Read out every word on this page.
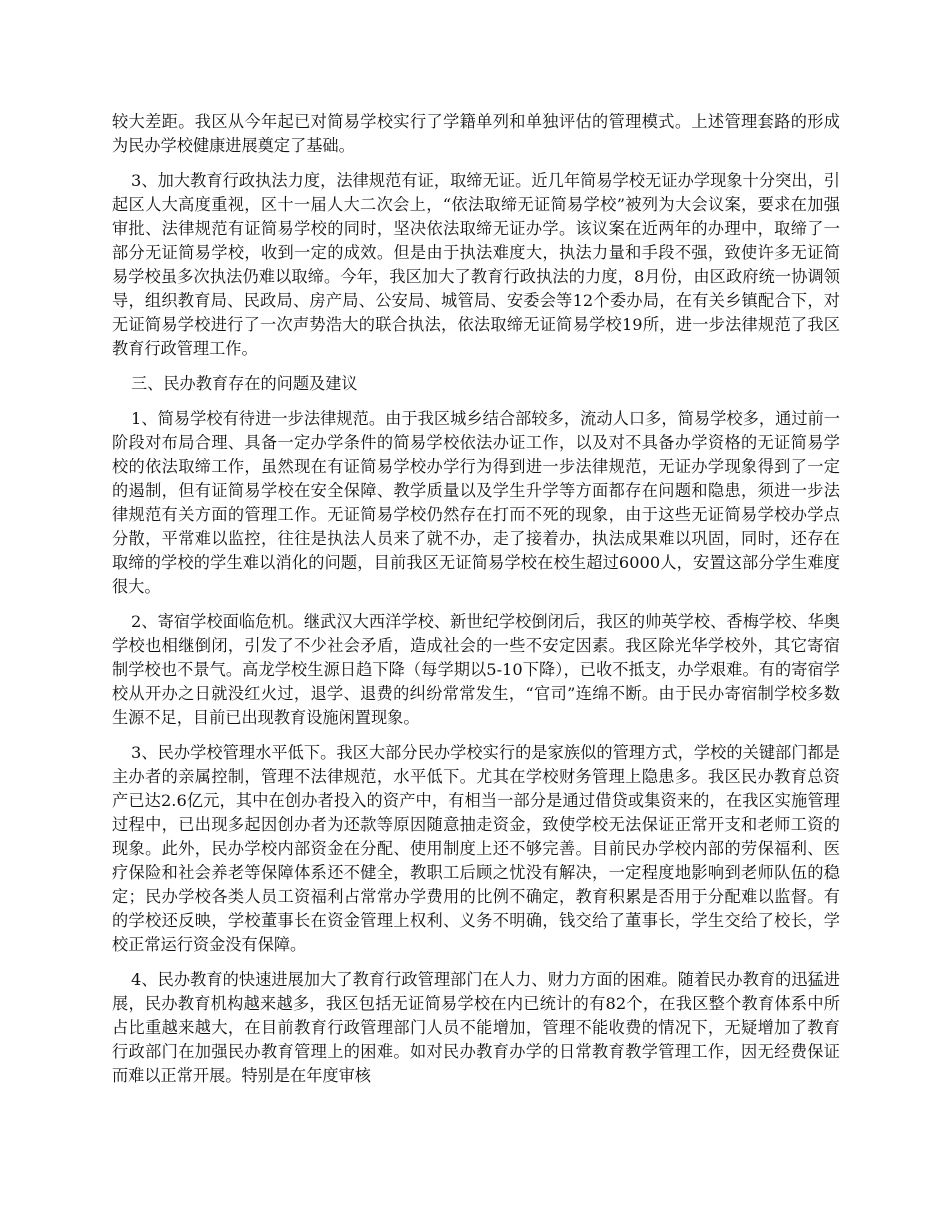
较大差距。我区从今年起已对简易学校实行了学籍单列和单独评估的管理模式。上述管理套路的形成为民办学校健康进展奠定了基础。

3、加大教育行政执法力度，法律规范有证，取缔无证。近几年简易学校无证办学现象十分突出，引起区人大高度重视，区十一届人大二次会上，“依法取缔无证简易学校”被列为大会议案，要求在加强审批、法律规范有证简易学校的同时，坚决依法取缔无证办学。该议案在近两年的办理中，取缔了一部分无证简易学校，收到一定的成效。但是由于执法难度大，执法力量和手段不强，致使许多无证简易学校虽多次执法仍难以取缔。今年，我区加大了教育行政执法的力度，8月份，由区政府统一协调领导，组织教育局、民政局、房产局、公安局、城管局、安委会等12个委办局，在有关乡镇配合下，对无证简易学校进行了一次声势浩大的联合执法，依法取缔无证简易学校19所，进一步法律规范了我区教育行政管理工作。

三、民办教育存在的问题及建议

1、简易学校有待进一步法律规范。由于我区城乡结合部较多，流动人口多，简易学校多，通过前一阶段对布局合理、具备一定办学条件的简易学校依法办证工作，以及对不具备办学资格的无证简易学校的依法取缔工作，虽然现在有证简易学校办学行为得到进一步法律规范，无证办学现象得到了一定的遏制，但有证简易学校在安全保障、教学质量以及学生升学等方面都存在问题和隐患，须进一步法律规范有关方面的管理工作。无证简易学校仍然存在打而不死的现象，由于这些无证简易学校办学点分散，平常难以监控，往往是执法人员来了就不办，走了接着办，执法成果难以巩固，同时，还存在取缔的学校的学生难以消化的问题，目前我区无证简易学校在校生超过6000人，安置这部分学生难度很大。

2、寄宿学校面临危机。继武汉大西洋学校、新世纪学校倒闭后，我区的帅英学校、香梅学校、华奥学校也相继倒闭，引发了不少社会矛盾，造成社会的一些不安定因素。我区除光华学校外，其它寄宿制学校也不景气。高龙学校生源日趋下降（每学期以5-10下降），已收不抵支，办学艰难。有的寄宿学校从开办之日就没红火过，退学、退费的纠纷常常发生，“官司”连绵不断。由于民办寄宿制学校多数生源不足，目前已出现教育设施闲置现象。

3、民办学校管理水平低下。我区大部分民办学校实行的是家族似的管理方式，学校的关键部门都是主办者的亲属控制，管理不法律规范，水平低下。尤其在学校财务管理上隐患多。我区民办教育总资产已达2.6亿元，其中在创办者投入的资产中，有相当一部分是通过借贷或集资来的，在我区实施管理过程中，已出现多起因创办者为还款等原因随意抽走资金，致使学校无法保证正常开支和老师工资的现象。此外，民办学校内部资金在分配、使用制度上还不够完善。目前民办学校内部的劳保福利、医疗保险和社会养老等保障体系还不健全，教职工后顾之忧没有解决，一定程度地影响到老师队伍的稳定；民办学校各类人员工资福利占常常办学费用的比例不确定，教育积累是否用于分配难以监督。有的学校还反映，学校董事长在资金管理上权利、义务不明确，钱交给了董事长，学生交给了校长，学校正常运行资金没有保障。

4、民办教育的快速进展加大了教育行政管理部门在人力、财力方面的困难。随着民办教育的迅猛进展，民办教育机构越来越多，我区包括无证简易学校在内已统计的有82个，在我区整个教育体系中所占比重越来越大，在目前教育行政管理部门人员不能增加，管理不能收费的情况下，无疑增加了教育行政部门在加强民办教育管理上的困难。如对民办教育办学的日常教育教学管理工作，因无经费保证而难以正常开展。特别是在年度审核
